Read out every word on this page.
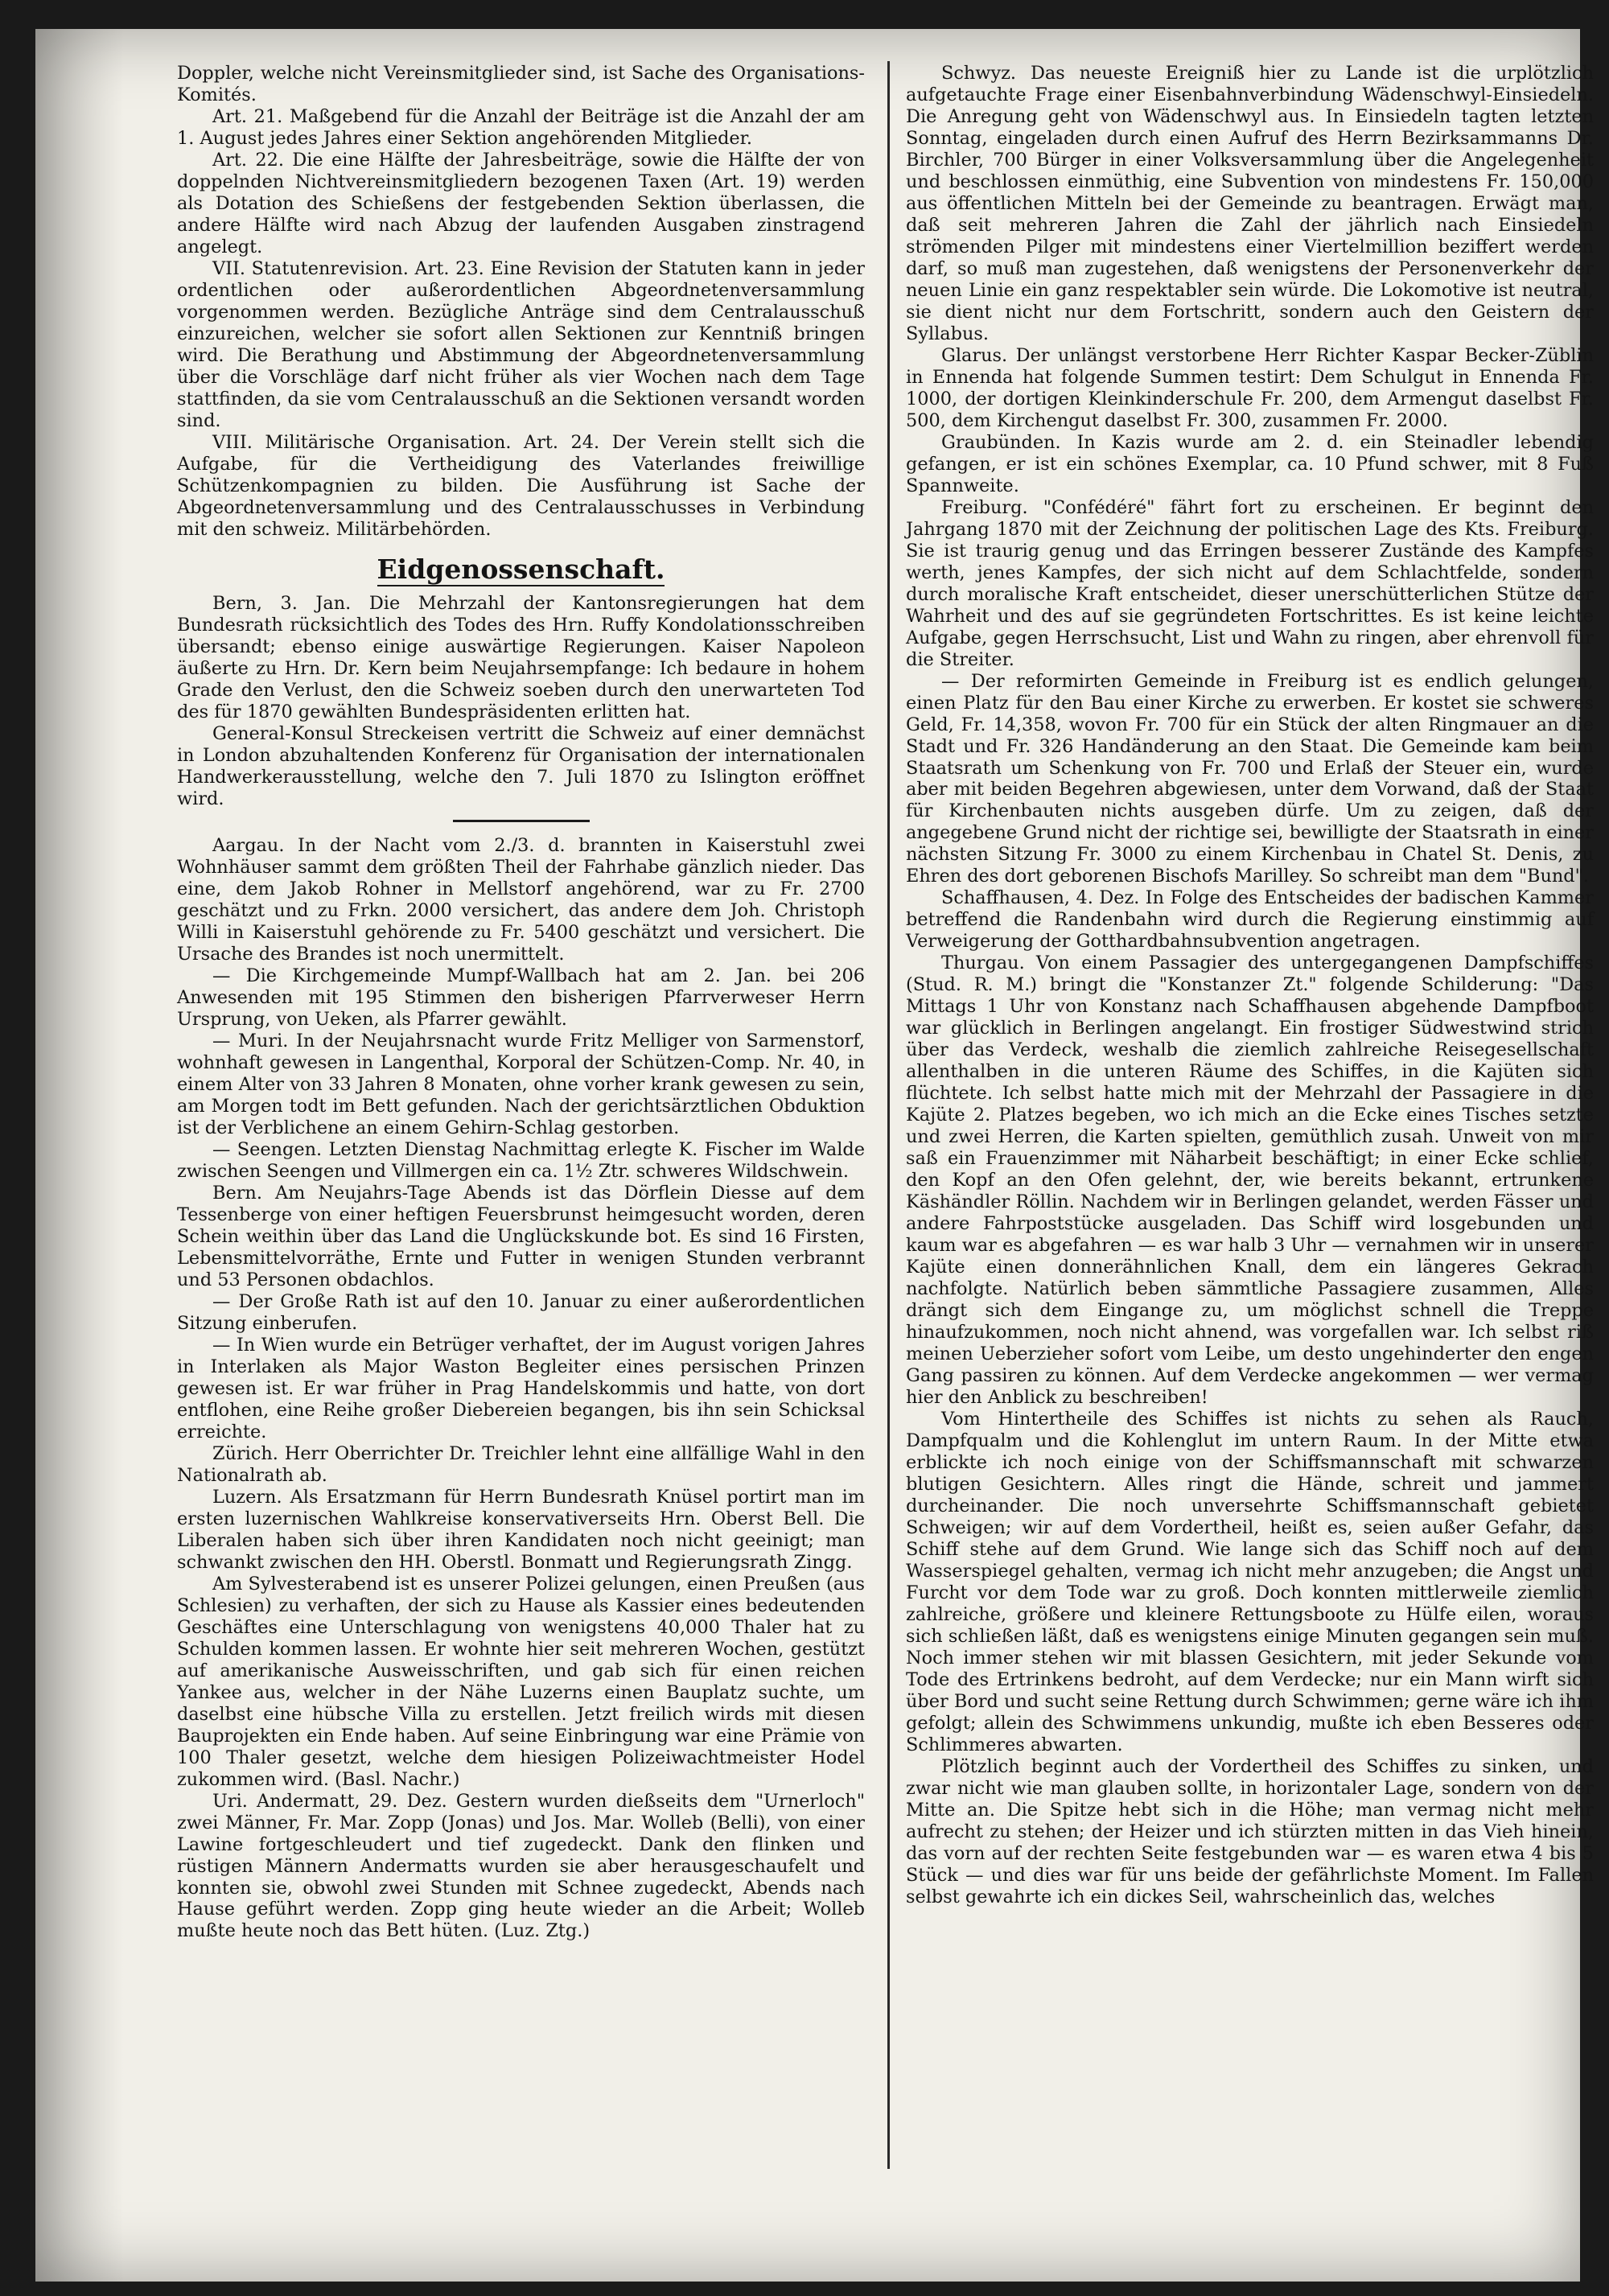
Doppler, welche nicht Vereinsmitglieder sind, ist Sache des Organisations-Komités.

Art. 21. Maßgebend für die Anzahl der Beiträge ist die Anzahl der am 1. August jedes Jahres einer Sektion angehörenden Mitglieder.

Art. 22. Die eine Hälfte der Jahresbeiträge, sowie die Hälfte der von doppelnden Nichtvereinsmitgliedern bezogenen Taxen (Art. 19) werden als Dotation des Schießens der festgebenden Sektion überlassen, die andere Hälfte wird nach Abzug der laufenden Ausgaben zinstragend angelegt.

VII. Statutenrevision. Art. 23. Eine Revision der Statuten kann in jeder ordentlichen oder außerordentlichen Abgeordnetenversammlung vorgenommen werden. Bezügliche Anträge sind dem Centralausschuß einzureichen, welcher sie sofort allen Sektionen zur Kenntniß bringen wird. Die Berathung und Abstimmung der Abgeordnetenversammlung über die Vorschläge darf nicht früher als vier Wochen nach dem Tage stattfinden, da sie vom Centralausschuß an die Sektionen versandt worden sind.

VIII. Militärische Organisation. Art. 24. Der Verein stellt sich die Aufgabe, für die Vertheidigung des Vaterlandes freiwillige Schützenkompagnien zu bilden. Die Ausführung ist Sache der Abgeordnetenversammlung und des Centralausschusses in Verbindung mit den schweiz. Militärbehörden.

Eidgenossenschaft.

Bern, 3. Jan. Die Mehrzahl der Kantonsregierungen hat dem Bundesrath rücksichtlich des Todes des Hrn. Ruffy Kondolationsschreiben übersandt; ebenso einige auswärtige Regierungen. Kaiser Napoleon äußerte zu Hrn. Dr. Kern beim Neujahrsempfange: Ich bedaure in hohem Grade den Verlust, den die Schweiz soeben durch den unerwarteten Tod des für 1870 gewählten Bundespräsidenten erlitten hat.

General-Konsul Streckeisen vertritt die Schweiz auf einer demnächst in London abzuhaltenden Konferenz für Organisation der internationalen Handwerkerausstellung, welche den 7. Juli 1870 zu Islington eröffnet wird.

Aargau. In der Nacht vom 2./3. d. brannten in Kaiserstuhl zwei Wohnhäuser sammt dem größten Theil der Fahrhabe gänzlich nieder. Das eine, dem Jakob Rohner in Mellstorf angehörend, war zu Fr. 2700 geschätzt und zu Frkn. 2000 versichert, das andere dem Joh. Christoph Willi in Kaiserstuhl gehörende zu Fr. 5400 geschätzt und versichert. Die Ursache des Brandes ist noch unermittelt.

— Die Kirchgemeinde Mumpf-Wallbach hat am 2. Jan. bei 206 Anwesenden mit 195 Stimmen den bisherigen Pfarrverweser Herrn Ursprung, von Ueken, als Pfarrer gewählt.

— Muri. In der Neujahrsnacht wurde Fritz Melliger von Sarmenstorf, wohnhaft gewesen in Langenthal, Korporal der Schützen-Comp. Nr. 40, in einem Alter von 33 Jahren 8 Monaten, ohne vorher krank gewesen zu sein, am Morgen todt im Bett gefunden. Nach der gerichtsärztlichen Obduktion ist der Verblichene an einem Gehirn-Schlag gestorben.

— Seengen. Letzten Dienstag Nachmittag erlegte K. Fischer im Walde zwischen Seengen und Villmergen ein ca. 1½ Ztr. schweres Wildschwein.

Bern. Am Neujahrs-Tage Abends ist das Dörflein Diesse auf dem Tessenberge von einer heftigen Feuersbrunst heimgesucht worden, deren Schein weithin über das Land die Unglückskunde bot. Es sind 16 Firsten, Lebensmittelvorräthe, Ernte und Futter in wenigen Stunden verbrannt und 53 Personen obdachlos.

— Der Große Rath ist auf den 10. Januar zu einer außerordentlichen Sitzung einberufen.

— In Wien wurde ein Betrüger verhaftet, der im August vorigen Jahres in Interlaken als Major Waston Begleiter eines persischen Prinzen gewesen ist. Er war früher in Prag Handelskommis und hatte, von dort entflohen, eine Reihe großer Diebereien begangen, bis ihn sein Schicksal erreichte.

Zürich. Herr Oberrichter Dr. Treichler lehnt eine allfällige Wahl in den Nationalrath ab.

Luzern. Als Ersatzmann für Herrn Bundesrath Knüsel portirt man im ersten luzernischen Wahlkreise konservativerseits Hrn. Oberst Bell. Die Liberalen haben sich über ihren Kandidaten noch nicht geeinigt; man schwankt zwischen den HH. Oberstl. Bonmatt und Regierungsrath Zingg.

Am Sylvesterabend ist es unserer Polizei gelungen, einen Preußen (aus Schlesien) zu verhaften, der sich zu Hause als Kassier eines bedeutenden Geschäftes eine Unterschlagung von wenigstens 40,000 Thaler hat zu Schulden kommen lassen. Er wohnte hier seit mehreren Wochen, gestützt auf amerikanische Ausweisschriften, und gab sich für einen reichen Yankee aus, welcher in der Nähe Luzerns einen Bauplatz suchte, um daselbst eine hübsche Villa zu erstellen. Jetzt freilich wirds mit diesen Bauprojekten ein Ende haben. Auf seine Einbringung war eine Prämie von 100 Thaler gesetzt, welche dem hiesigen Polizeiwachtmeister Hodel zukommen wird. (Basl. Nachr.)

Uri. Andermatt, 29. Dez. Gestern wurden dießseits dem "Urnerloch" zwei Männer, Fr. Mar. Zopp (Jonas) und Jos. Mar. Wolleb (Belli), von einer Lawine fortgeschleudert und tief zugedeckt. Dank den flinken und rüstigen Männern Andermatts wurden sie aber herausgeschaufelt und konnten sie, obwohl zwei Stunden mit Schnee zugedeckt, Abends nach Hause geführt werden. Zopp ging heute wieder an die Arbeit; Wolleb mußte heute noch das Bett hüten. (Luz. Ztg.)

Schwyz. Das neueste Ereigniß hier zu Lande ist die urplötzlich aufgetauchte Frage einer Eisenbahnverbindung Wädenschwyl-Einsiedeln. Die Anregung geht von Wädenschwyl aus. In Einsiedeln tagten letzten Sonntag, eingeladen durch einen Aufruf des Herrn Bezirksammanns Dr. Birchler, 700 Bürger in einer Volksversammlung über die Angelegenheit und beschlossen einmüthig, eine Subvention von mindestens Fr. 150,000 aus öffentlichen Mitteln bei der Gemeinde zu beantragen. Erwägt man, daß seit mehreren Jahren die Zahl der jährlich nach Einsiedeln strömenden Pilger mit mindestens einer Viertelmillion beziffert werden darf, so muß man zugestehen, daß wenigstens der Personenverkehr der neuen Linie ein ganz respektabler sein würde. Die Lokomotive ist neutral, sie dient nicht nur dem Fortschritt, sondern auch den Geistern der Syllabus.

Glarus. Der unlängst verstorbene Herr Richter Kaspar Becker-Züblin in Ennenda hat folgende Summen testirt: Dem Schulgut in Ennenda Fr. 1000, der dortigen Kleinkinderschule Fr. 200, dem Armengut daselbst Fr. 500, dem Kirchengut daselbst Fr. 300, zusammen Fr. 2000.

Graubünden. In Kazis wurde am 2. d. ein Steinadler lebendig gefangen, er ist ein schönes Exemplar, ca. 10 Pfund schwer, mit 8 Fuß Spannweite.

Freiburg. "Confédéré" fährt fort zu erscheinen. Er beginnt den Jahrgang 1870 mit der Zeichnung der politischen Lage des Kts. Freiburg. Sie ist traurig genug und das Erringen besserer Zustände des Kampfes werth, jenes Kampfes, der sich nicht auf dem Schlachtfelde, sondern durch moralische Kraft entscheidet, dieser unerschütterlichen Stütze der Wahrheit und des auf sie gegründeten Fortschrittes. Es ist keine leichte Aufgabe, gegen Herrschsucht, List und Wahn zu ringen, aber ehrenvoll für die Streiter.

— Der reformirten Gemeinde in Freiburg ist es endlich gelungen, einen Platz für den Bau einer Kirche zu erwerben. Er kostet sie schweres Geld, Fr. 14,358, wovon Fr. 700 für ein Stück der alten Ringmauer an die Stadt und Fr. 326 Handänderung an den Staat. Die Gemeinde kam beim Staatsrath um Schenkung von Fr. 700 und Erlaß der Steuer ein, wurde aber mit beiden Begehren abgewiesen, unter dem Vorwand, daß der Staat für Kirchenbauten nichts ausgeben dürfe. Um zu zeigen, daß der angegebene Grund nicht der richtige sei, bewilligte der Staatsrath in einer nächsten Sitzung Fr. 3000 zu einem Kirchenbau in Chatel St. Denis, zu Ehren des dort geborenen Bischofs Marilley. So schreibt man dem "Bund".

Schaffhausen, 4. Dez. In Folge des Entscheides der badischen Kammer betreffend die Randenbahn wird durch die Regierung einstimmig auf Verweigerung der Gotthardbahnsubvention angetragen.

Thurgau. Von einem Passagier des untergegangenen Dampfschiffes (Stud. R. M.) bringt die "Konstanzer Zt." folgende Schilderung: "Das Mittags 1 Uhr von Konstanz nach Schaffhausen abgehende Dampfboot war glücklich in Berlingen angelangt. Ein frostiger Südwestwind strich über das Verdeck, weshalb die ziemlich zahlreiche Reisegesellschaft allenthalben in die unteren Räume des Schiffes, in die Kajüten sich flüchtete. Ich selbst hatte mich mit der Mehrzahl der Passagiere in die Kajüte 2. Platzes begeben, wo ich mich an die Ecke eines Tisches setzte und zwei Herren, die Karten spielten, gemüthlich zusah. Unweit von mir saß ein Frauenzimmer mit Näharbeit beschäftigt; in einer Ecke schlief, den Kopf an den Ofen gelehnt, der, wie bereits bekannt, ertrunkene Käshändler Röllin. Nachdem wir in Berlingen gelandet, werden Fässer und andere Fahrpoststücke ausgeladen. Das Schiff wird losgebunden und kaum war es abgefahren — es war halb 3 Uhr — vernahmen wir in unserer Kajüte einen donnerähnlichen Knall, dem ein längeres Gekrach nachfolgte. Natürlich beben sämmtliche Passagiere zusammen, Alles drängt sich dem Eingange zu, um möglichst schnell die Treppe hinaufzukommen, noch nicht ahnend, was vorgefallen war. Ich selbst riß meinen Ueberzieher sofort vom Leibe, um desto ungehinderter den engen Gang passiren zu können. Auf dem Verdecke angekommen — wer vermag hier den Anblick zu beschreiben!

Vom Hintertheile des Schiffes ist nichts zu sehen als Rauch, Dampfqualm und die Kohlenglut im untern Raum. In der Mitte etwa erblickte ich noch einige von der Schiffsmannschaft mit schwarzen blutigen Gesichtern. Alles ringt die Hände, schreit und jammert durcheinander. Die noch unversehrte Schiffsmannschaft gebietet Schweigen; wir auf dem Vordertheil, heißt es, seien außer Gefahr, das Schiff stehe auf dem Grund. Wie lange sich das Schiff noch auf dem Wasserspiegel gehalten, vermag ich nicht mehr anzugeben; die Angst und Furcht vor dem Tode war zu groß. Doch konnten mittlerweile ziemlich zahlreiche, größere und kleinere Rettungsboote zu Hülfe eilen, woraus sich schließen läßt, daß es wenigstens einige Minuten gegangen sein muß. Noch immer stehen wir mit blassen Gesichtern, mit jeder Sekunde vom Tode des Ertrinkens bedroht, auf dem Verdecke; nur ein Mann wirft sich über Bord und sucht seine Rettung durch Schwimmen; gerne wäre ich ihm gefolgt; allein des Schwimmens unkundig, mußte ich eben Besseres oder Schlimmeres abwarten.

Plötzlich beginnt auch der Vordertheil des Schiffes zu sinken, und zwar nicht wie man glauben sollte, in horizontaler Lage, sondern von der Mitte an. Die Spitze hebt sich in die Höhe; man vermag nicht mehr aufrecht zu stehen; der Heizer und ich stürzten mitten in das Vieh hinein, das vorn auf der rechten Seite festgebunden war — es waren etwa 4 bis 5 Stück — und dies war für uns beide der gefährlichste Moment. Im Fallen selbst gewahrte ich ein dickes Seil, wahrscheinlich das, welches
